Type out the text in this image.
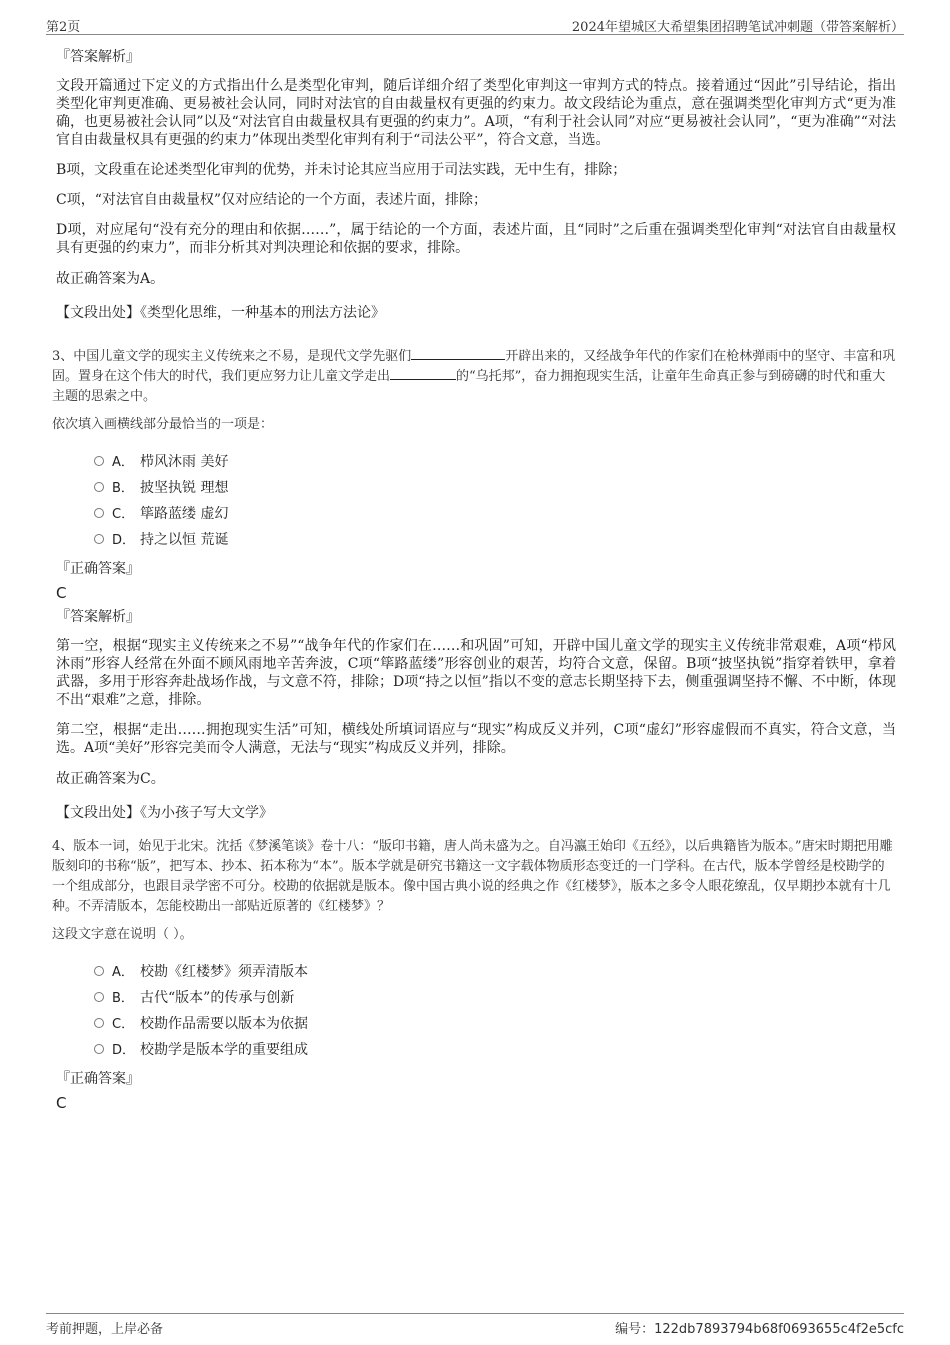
第2页	2024年望城区大希望集团招聘笔试冲刺题（带答案解析）
『答案解析』

文段开篇通过下定义的方式指出什么是类型化审判，随后详细介绍了类型化审判这一审判方式的特点。接着通过“因此”引导结论，指出类型化审判更准确、更易被社会认同，同时对法官的自由裁量权有更强的约束力。故文段结论为重点，意在强调类型化审判方式“更为准确，也更易被社会认同”以及“对法官自由裁量权具有更强的约束力”。A项，“有利于社会认同”对应“更易被社会认同”，“更为准确”“对法官自由裁量权具有更强的约束力”体现出类型化审判有利于“司法公平”，符合文意，当选。

B项，文段重在论述类型化审判的优势，并未讨论其应当应用于司法实践，无中生有，排除；

C项，“对法官自由裁量权”仅对应结论的一个方面，表述片面，排除；

D项，对应尾句“没有充分的理由和依据……”，属于结论的一个方面，表述片面，且“同时”之后重在强调类型化审判“对法官自由裁量权具有更强的约束力”，而非分析其对判决理论和依据的要求，排除。

故正确答案为A。

【文段出处】《类型化思维，一种基本的刑法方法论》

3、中国儿童文学的现实主义传统来之不易，是现代文学先驱们	开辟出来的，又经战争年代的作家们在枪林弹雨中的坚守、丰富和巩固。置身在这个伟大的时代，我们更应努力让儿童文学走出	的“乌托邦”，奋力拥抱现实生活，让童年生命真正参与到磅礴的时代和重大主题的思索之中。
依次填入画横线部分最恰当的一项是：
A． 栉风沐雨 美好
B． 披坚执锐 理想
C． 筚路蓝缕 虚幻
D． 持之以恒 荒诞
『正确答案』
C
『答案解析』

第一空，根据“现实主义传统来之不易”“战争年代的作家们在……和巩固”可知，开辟中国儿童文学的现实主义传统非常艰难，A项“栉风沐雨”形容人经常在外面不顾风雨地辛苦奔波，C项“筚路蓝缕”形容创业的艰苦，均符合文意，保留。B项“披坚执锐”指穿着铁甲，拿着武器，多用于形容奔赴战场作战，与文意不符，排除；D项“持之以恒”指以不变的意志长期坚持下去，侧重强调坚持不懈、不中断，体现不出“艰难”之意，排除。

第二空，根据“走出……拥抱现实生活”可知，横线处所填词语应与“现实”构成反义并列，C项“虚幻”形容虚假而不真实，符合文意，当选。A项“美好”形容完美而令人满意，无法与“现实”构成反义并列，排除。

故正确答案为C。

【文段出处】《为小孩子写大文学》

4、版本一词，始见于北宋。沈括《梦溪笔谈》卷十八：“版印书籍，唐人尚未盛为之。自冯瀛王始印《五经》，以后典籍皆为版本。”唐宋时期把用雕版刻印的书称“版”，把写本、抄本、拓本称为“本”。版本学就是研究书籍这一文字载体物质形态变迁的一门学科。在古代，版本学曾经是校勘学的一个组成部分，也跟目录学密不可分。校勘的依据就是版本。像中国古典小说的经典之作《红楼梦》，版本之多令人眼花缭乱，仅早期抄本就有十几种。不弄清版本，怎能校勘出一部贴近原著的《红楼梦》？
这段文字意在说明（ ）。
A． 校勘《红楼梦》须弄清版本
B． 古代“版本”的传承与创新
C． 校勘作品需要以版本为依据
D． 校勘学是版本学的重要组成
『正确答案』
C
考前押题，上岸必备	编号：122db7893794b68f0693655c4f2e5cfc
